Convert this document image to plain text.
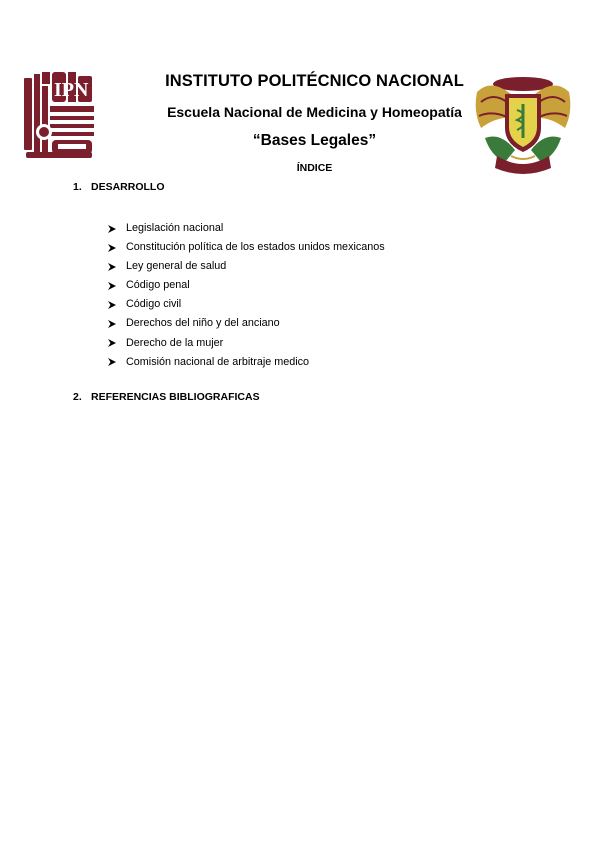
IPN	INSTITUTO POLITÉCNICO NACIONAL
Escuela Nacional de Medicina y Homeopatía
“Bases Legales”
ÍNDICE
1. DESARROLLO
Legislación nacional
Constitución política de los estados unidos mexicanos
Ley general de salud
Código penal
Código civil
Derechos del niño y del anciano
Derecho de la mujer
Comisión nacional de arbitraje medico
2. REFERENCIAS BIBLIOGRAFICAS
